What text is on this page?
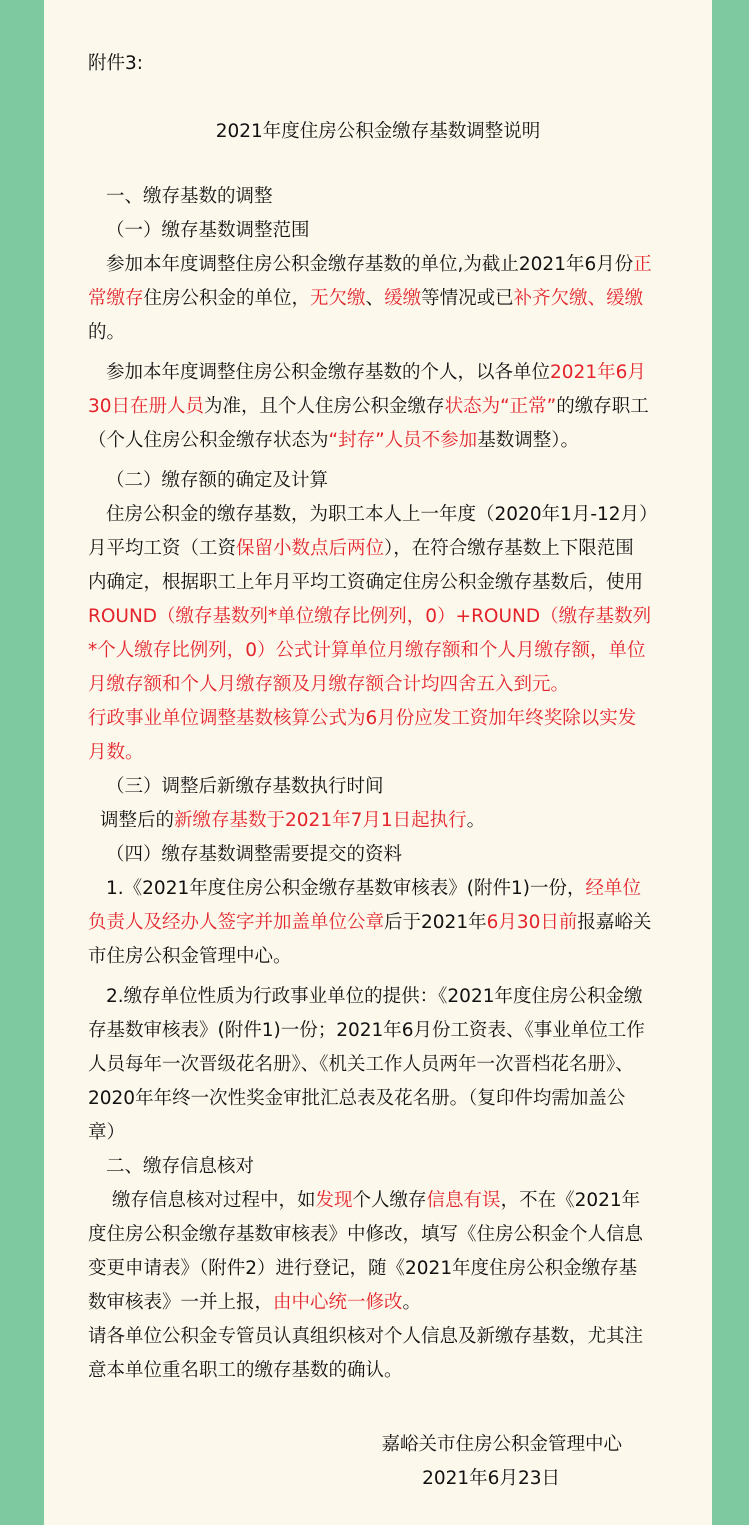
附件3:
2021年度住房公积金缴存基数调整说明

一、缴存基数的调整

（一）缴存基数调整范围

参加本年度调整住房公积金缴存基数的单位,为截止2021年6月份正常缴存住房公积金的单位，无欠缴、缓缴等情况或已补齐欠缴、缓缴的。

参加本年度调整住房公积金缴存基数的个人，以各单位2021年6月30日在册人员为准，且个人住房公积金缴存状态为“正常”的缴存职工（个人住房公积金缴存状态为“封存”人员不参加基数调整）。

（二）缴存额的确定及计算

住房公积金的缴存基数，为职工本人上一年度（2020年1月-12月）月平均工资（工资保留小数点后两位），在符合缴存基数上下限范围内确定，根据职工上年月平均工资确定住房公积金缴存基数后，使用ROUND（缴存基数列*单位缴存比例列，0）+ROUND（缴存基数列*个人缴存比例列，0）公式计算单位月缴存额和个人月缴存额，单位月缴存额和个人月缴存额及月缴存额合计均四舍五入到元。

行政事业单位调整基数核算公式为6月份应发工资加年终奖除以实发月数。

（三）调整后新缴存基数执行时间

调整后的新缴存基数于2021年7月1日起执行。

（四）缴存基数调整需要提交的资料

1.《2021年度住房公积金缴存基数审核表》(附件1)一份，经单位负责人及经办人签字并加盖单位公章后于2021年6月30日前报嘉峪关市住房公积金管理中心。

2.缴存单位性质为行政事业单位的提供：《2021年度住房公积金缴存基数审核表》(附件1)一份；2021年6月份工资表、《事业单位工作人员每年一次晋级花名册》、《机关工作人员两年一次晋档花名册》、2020年年终一次性奖金审批汇总表及花名册。（复印件均需加盖公章）

二、缴存信息核对

缴存信息核对过程中，如发现个人缴存信息有误，不在《2021年度住房公积金缴存基数审核表》中修改，填写《住房公积金个人信息变更申请表》（附件2）进行登记，随《2021年度住房公积金缴存基数审核表》一并上报，由中心统一修改。

请各单位公积金专管员认真组织核对个人信息及新缴存基数，尤其注意本单位重名职工的缴存基数的确认。

嘉峪关市住房公积金管理中心
2021年6月23日
